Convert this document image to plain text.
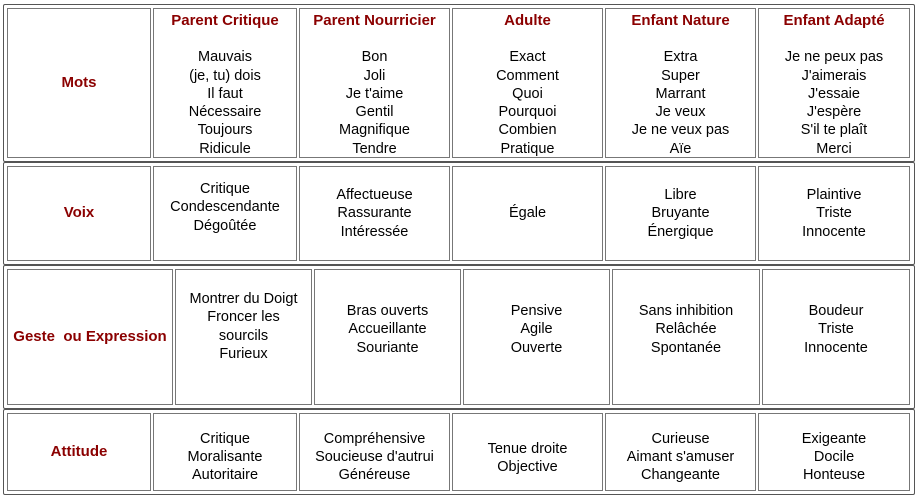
Mots
Parent Critique
Mauvais
(je, tu) dois
Il faut
Nécessaire
Toujours
Ridicule
Parent Nourricier
Bon
Joli
Je t'aime
Gentil
Magnifique
Tendre
Adulte
Exact
Comment
Quoi
Pourquoi
Combien
Pratique
Enfant Nature
Extra
Super
Marrant
Je veux
Je ne veux pas
Aïe
Enfant Adapté
Je ne peux pas
J'aimerais
J'essaie
J'espère
S'il te plaît
Merci
Voix
Critique
Condescendante
Dégoûtée
Affectueuse
Rassurante
Intéressée
Égale
Libre
Bruyante
Énergique
Plaintive
Triste
Innocente
Geste  ou Expression
Montrer du Doigt
Froncer les
sourcils
Furieux
Bras ouverts
Accueillante
Souriante
Pensive
Agile
Ouverte
Sans inhibition
Relâchée
Spontanée
Boudeur
Triste
Innocente
Attitude
Critique
Moralisante
Autoritaire
Compréhensive
Soucieuse d'autrui
Généreuse
Tenue droite
Objective
Curieuse
Aimant s'amuser
Changeante
Exigeante
Docile
Honteuse
